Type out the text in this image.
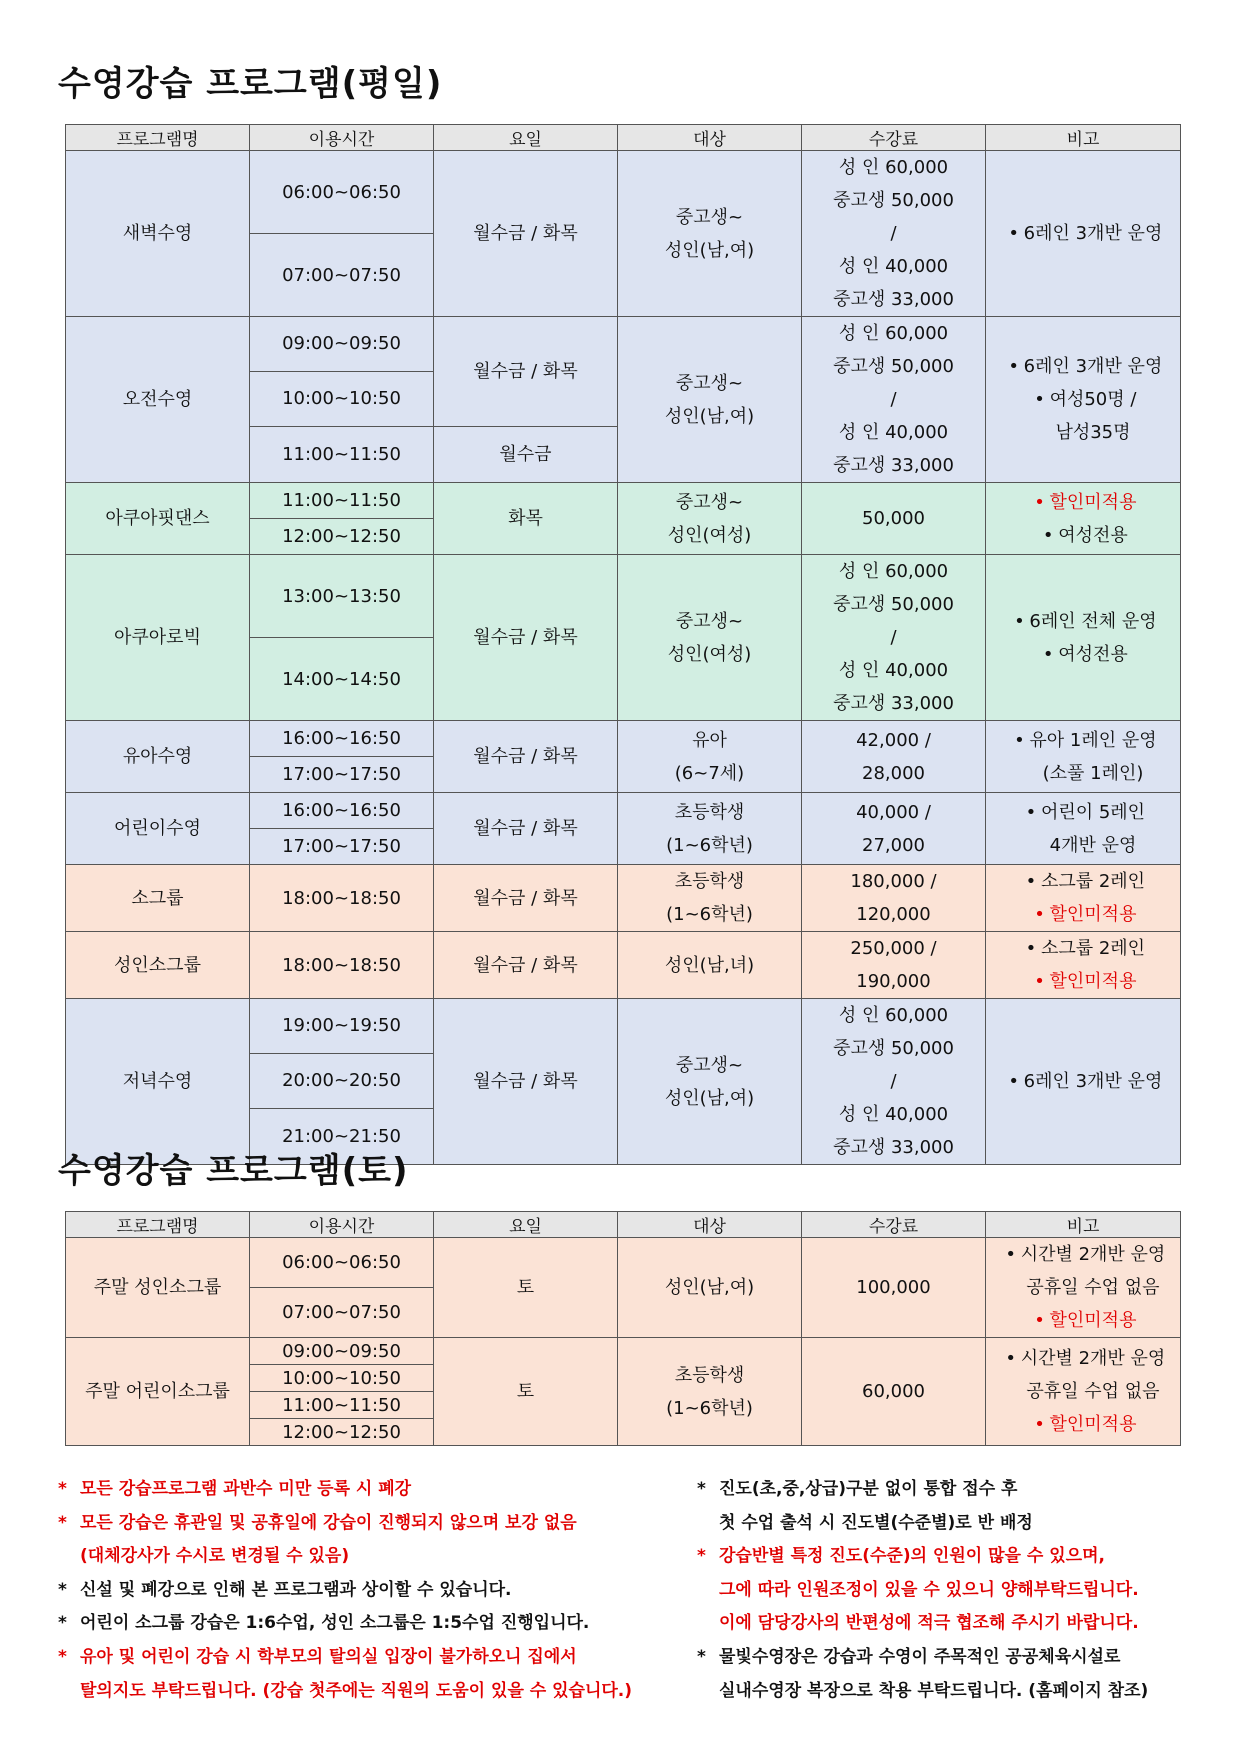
수영강습 프로그램(평일)
프로그램명	이용시간	요일	대상	수강료	비고
새벽수영	06:00~06:50	월수금 / 화목	중고생~
성인(남,여)	성 인 60,000
중고생 50,000
/
성 인 40,000
중고생 33,000	• 6레인 3개반 운영

	07:00~07:50				
오전수영	09:00~09:50	월수금 / 화목	중고생~
성인(남,여)	성 인 60,000
중고생 50,000
/
성 인 40,000
중고생 33,000	• 6레인 3개반 운영
• 여성50명 /
남성35명

	10:00~10:50				
	11:00~11:50	월수금			
아쿠아핏댄스	11:00~11:50	화목	중고생~
성인(여성)	50,000	• 할인미적용
• 여성전용

	12:00~12:50				
아쿠아로빅	13:00~13:50	월수금 / 화목	중고생~
성인(여성)	성 인 60,000
중고생 50,000
/
성 인 40,000
중고생 33,000	• 6레인 전체 운영
• 여성전용

	14:00~14:50				
유아수영	16:00~16:50	월수금 / 화목	유아
(6~7세)	42,000 /
28,000	• 유아 1레인 운영
(소풀 1레인)

	17:00~17:50				
어린이수영	16:00~16:50	월수금 / 화목	초등학생
(1~6학년)	40,000 /
27,000	• 어린이 5레인
4개반 운영

	17:00~17:50				
소그룹	18:00~18:50	월수금 / 화목	초등학생
(1~6학년)	180,000 /
120,000	• 소그룹 2레인
• 할인미적용

성인소그룹	18:00~18:50	월수금 / 화목	성인(남,녀)	250,000 /
190,000	• 소그룹 2레인
• 할인미적용

저녁수영	19:00~19:50	월수금 / 화목	중고생~
성인(남,여)	성 인 60,000
중고생 50,000
/
성 인 40,000
중고생 33,000	• 6레인 3개반 운영

	20:00~20:50				
	21:00~21:50				
수영강습 프로그램(토)
프로그램명	이용시간	요일	대상	수강료	비고
주말 성인소그룹	06:00~06:50	토	성인(남,여)	100,000	• 시간별 2개반 운영
공휴일 수업 없음
• 할인미적용

	07:00~07:50				
주말 어린이소그룹	09:00~09:50	토	초등학생
(1~6학년)	60,000	• 시간별 2개반 운영
공휴일 수업 없음
• 할인미적용

	10:00~10:50				
	11:00~11:50				
	12:00~12:50				
* 모든 강습프로그램 과반수 미만 등록 시 폐강
* 모든 강습은 휴관일 및 공휴일에 강습이 진행되지 않으며 보강 없음
(대체강사가 수시로 변경될 수 있음)
* 신설 및 폐강으로 인해 본 프로그램과 상이할 수 있습니다.
* 어린이 소그룹 강습은 1:6수업, 성인 소그룹은 1:5수업 진행입니다.
* 유아 및 어린이 강습 시 학부모의 탈의실 입장이 불가하오니 집에서
탈의지도 부탁드립니다. (강습 첫주에는 직원의 도움이 있을 수 있습니다.)
* 진도(초,중,상급)구분 없이 통합 접수 후
첫 수업 출석 시 진도별(수준별)로 반 배정
* 강습반별 특정 진도(수준)의 인원이 많을 수 있으며,
그에 따라 인원조정이 있을 수 있으니 양해부탁드립니다.
이에 담당강사의 반편성에 적극 협조해 주시기 바랍니다.
* 물빛수영장은 강습과 수영이 주목적인 공공체육시설로
실내수영장 복장으로 착용 부탁드립니다. (홈페이지 참조)
